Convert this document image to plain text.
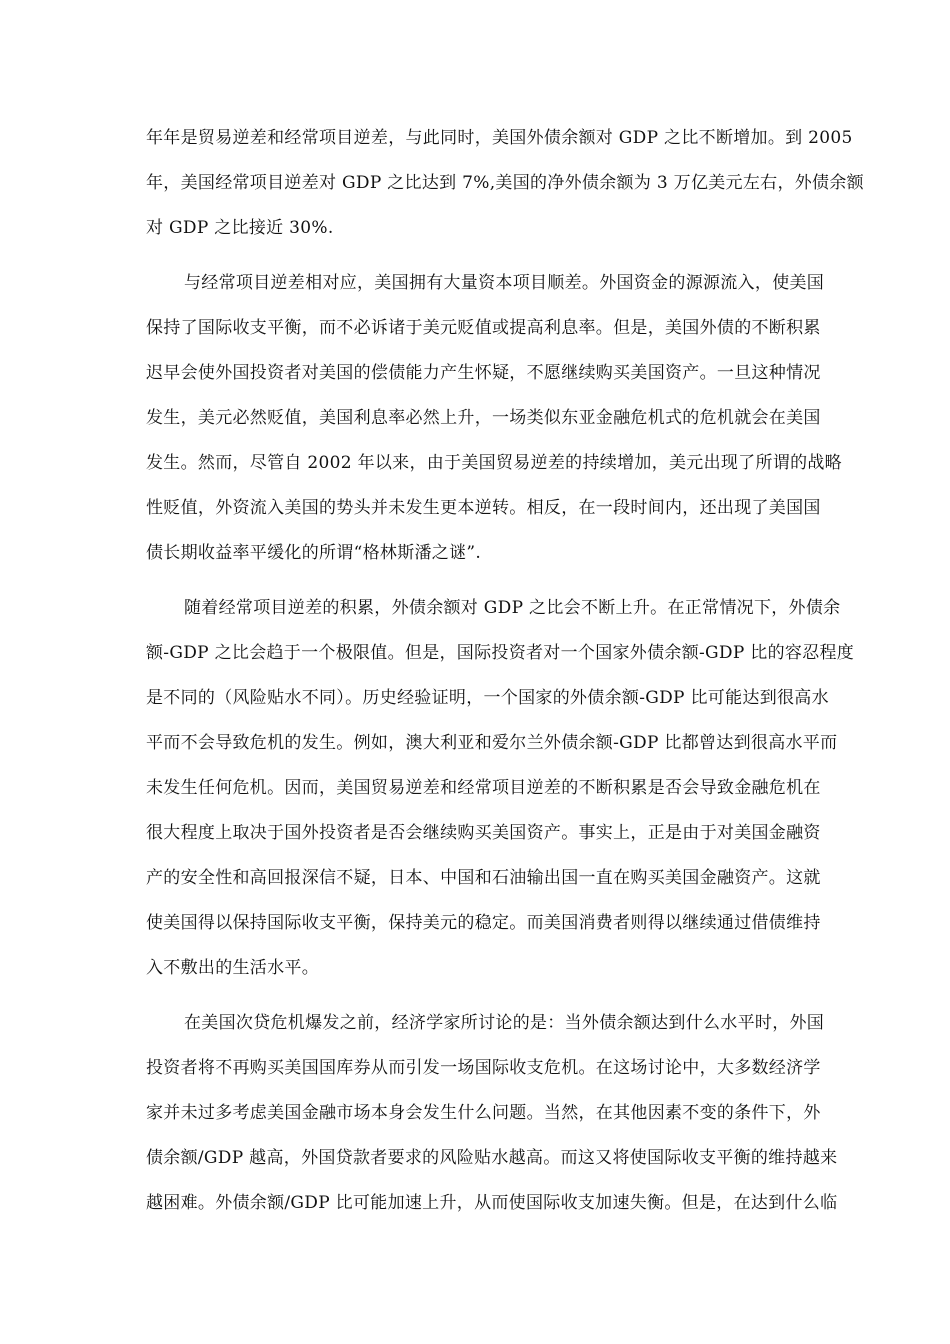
年年是贸易逆差和经常项目逆差，与此同时，美国外债余额对 GDP 之比不断增加。到 2005
年，美国经常项目逆差对 GDP 之比达到 7%,美国的净外债余额为 3 万亿美元左右，外债余额
对 GDP 之比接近 30%.
与经常项目逆差相对应，美国拥有大量资本项目顺差。外国资金的源源流入，使美国
保持了国际收支平衡，而不必诉诸于美元贬值或提高利息率。但是，美国外债的不断积累
迟早会使外国投资者对美国的偿债能力产生怀疑，不愿继续购买美国资产。一旦这种情况
发生，美元必然贬值，美国利息率必然上升，一场类似东亚金融危机式的危机就会在美国
发生。然而，尽管自 2002 年以来，由于美国贸易逆差的持续增加，美元出现了所谓的战略
性贬值，外资流入美国的势头并未发生更本逆转。相反，在一段时间内，还出现了美国国
债长期收益率平缓化的所谓“格林斯潘之谜”.
随着经常项目逆差的积累，外债余额对 GDP 之比会不断上升。在正常情况下，外债余
额-GDP 之比会趋于一个极限值。但是，国际投资者对一个国家外债余额-GDP 比的容忍程度
是不同的（风险贴水不同）。历史经验证明，一个国家的外债余额-GDP 比可能达到很高水
平而不会导致危机的发生。例如，澳大利亚和爱尔兰外债余额-GDP 比都曾达到很高水平而
未发生任何危机。因而，美国贸易逆差和经常项目逆差的不断积累是否会导致金融危机在
很大程度上取决于国外投资者是否会继续购买美国资产。事实上，正是由于对美国金融资
产的安全性和高回报深信不疑，日本、中国和石油输出国一直在购买美国金融资产。这就
使美国得以保持国际收支平衡，保持美元的稳定。而美国消费者则得以继续通过借债维持
入不敷出的生活水平。
在美国次贷危机爆发之前，经济学家所讨论的是：当外债余额达到什么水平时，外国
投资者将不再购买美国国库券从而引发一场国际收支危机。在这场讨论中，大多数经济学
家并未过多考虑美国金融市场本身会发生什么问题。当然，在其他因素不变的条件下，外
债余额/GDP 越高，外国贷款者要求的风险贴水越高。而这又将使国际收支平衡的维持越来
越困难。外债余额/GDP 比可能加速上升，从而使国际收支加速失衡。但是，在达到什么临
